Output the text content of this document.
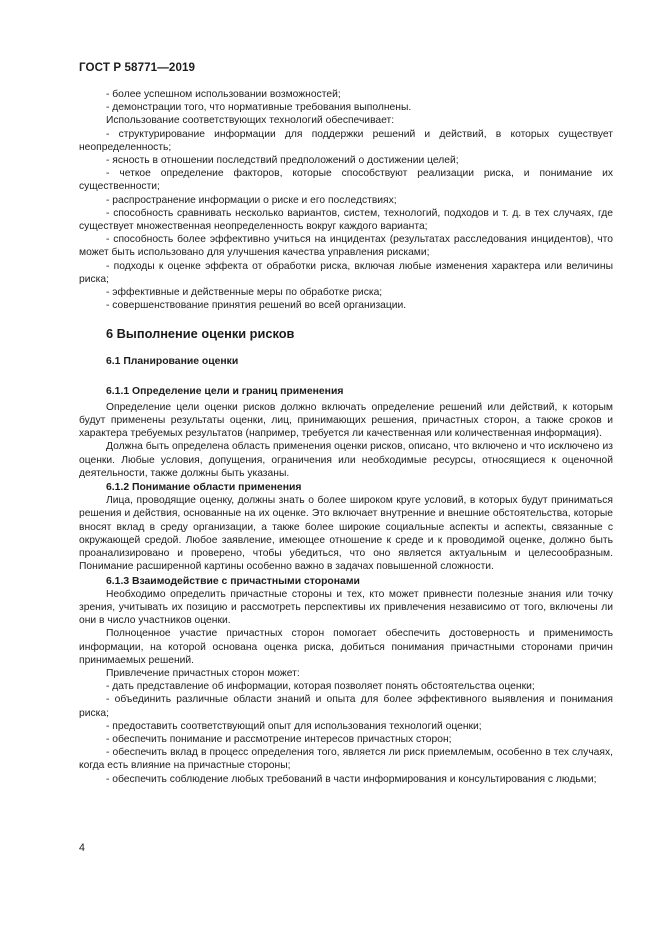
ГОСТ Р 58771—2019

- более успешном использовании возможностей;

- демонстрации того, что нормативные требования выполнены.

Использование соответствующих технологий обеспечивает:

- структурирование информации для поддержки решений и действий, в которых существует неопределенность;

- ясность в отношении последствий предположений о достижении целей;

- четкое определение факторов, которые способствуют реализации риска, и понимание их существенности;

- распространение информации о риске и его последствиях;

- способность сравнивать несколько вариантов, систем, технологий, подходов и т. д. в тех случаях, где существует множественная неопределенность вокруг каждого варианта;

- способность более эффективно учиться на инцидентах (результатах расследования инцидентов), что может быть использовано для улучшения качества управления рисками;

- подходы к оценке эффекта от обработки риска, включая любые изменения характера или величины риска;

- эффективные и действенные меры по обработке риска;

- совершенствование принятия решений во всей организации.

6 Выполнение оценки рисков
6.1 Планирование оценки
6.1.1 Определение цели и границ применения

Определение цели оценки рисков должно включать определение решений или действий, к которым будут применены результаты оценки, лиц, принимающих решения, причастных сторон, а также сроков и характера требуемых результатов (например, требуется ли качественная или количественная информация).

Должна быть определена область применения оценки рисков, описано, что включено и что исключено из оценки. Любые условия, допущения, ограничения или необходимые ресурсы, относящиеся к оценочной деятельности, также должны быть указаны.

6.1.2 Понимание области применения

Лица, проводящие оценку, должны знать о более широком круге условий, в которых будут приниматься решения и действия, основанные на их оценке. Это включает внутренние и внешние обстоятельства, которые вносят вклад в среду организации, а также более широкие социальные аспекты и аспекты, связанные с окружающей средой. Любое заявление, имеющее отношение к среде и к проводимой оценке, должно быть проанализировано и проверено, чтобы убедиться, что оно является актуальным и целесообразным. Понимание расширенной картины особенно важно в задачах повышенной сложности.

6.1.3 Взаимодействие с причастными сторонами

Необходимо определить причастные стороны и тех, кто может привнести полезные знания или точку зрения, учитывать их позицию и рассмотреть перспективы их привлечения независимо от того, включены ли они в число участников оценки.

Полноценное участие причастных сторон помогает обеспечить достоверность и применимость информации, на которой основана оценка риска, добиться понимания причастными сторонами причин принимаемых решений.

Привлечение причастных сторон может:

- дать представление об информации, которая позволяет понять обстоятельства оценки;

- объединить различные области знаний и опыта для более эффективного выявления и понимания риска;

- предоставить соответствующий опыт для использования технологий оценки;

- обеспечить понимание и рассмотрение интересов причастных сторон;

- обеспечить вклад в процесс определения того, является ли риск приемлемым, особенно в тех случаях, когда есть влияние на причастные стороны;

- обеспечить соблюдение любых требований в части информирования и консультирования с людьми;

4
